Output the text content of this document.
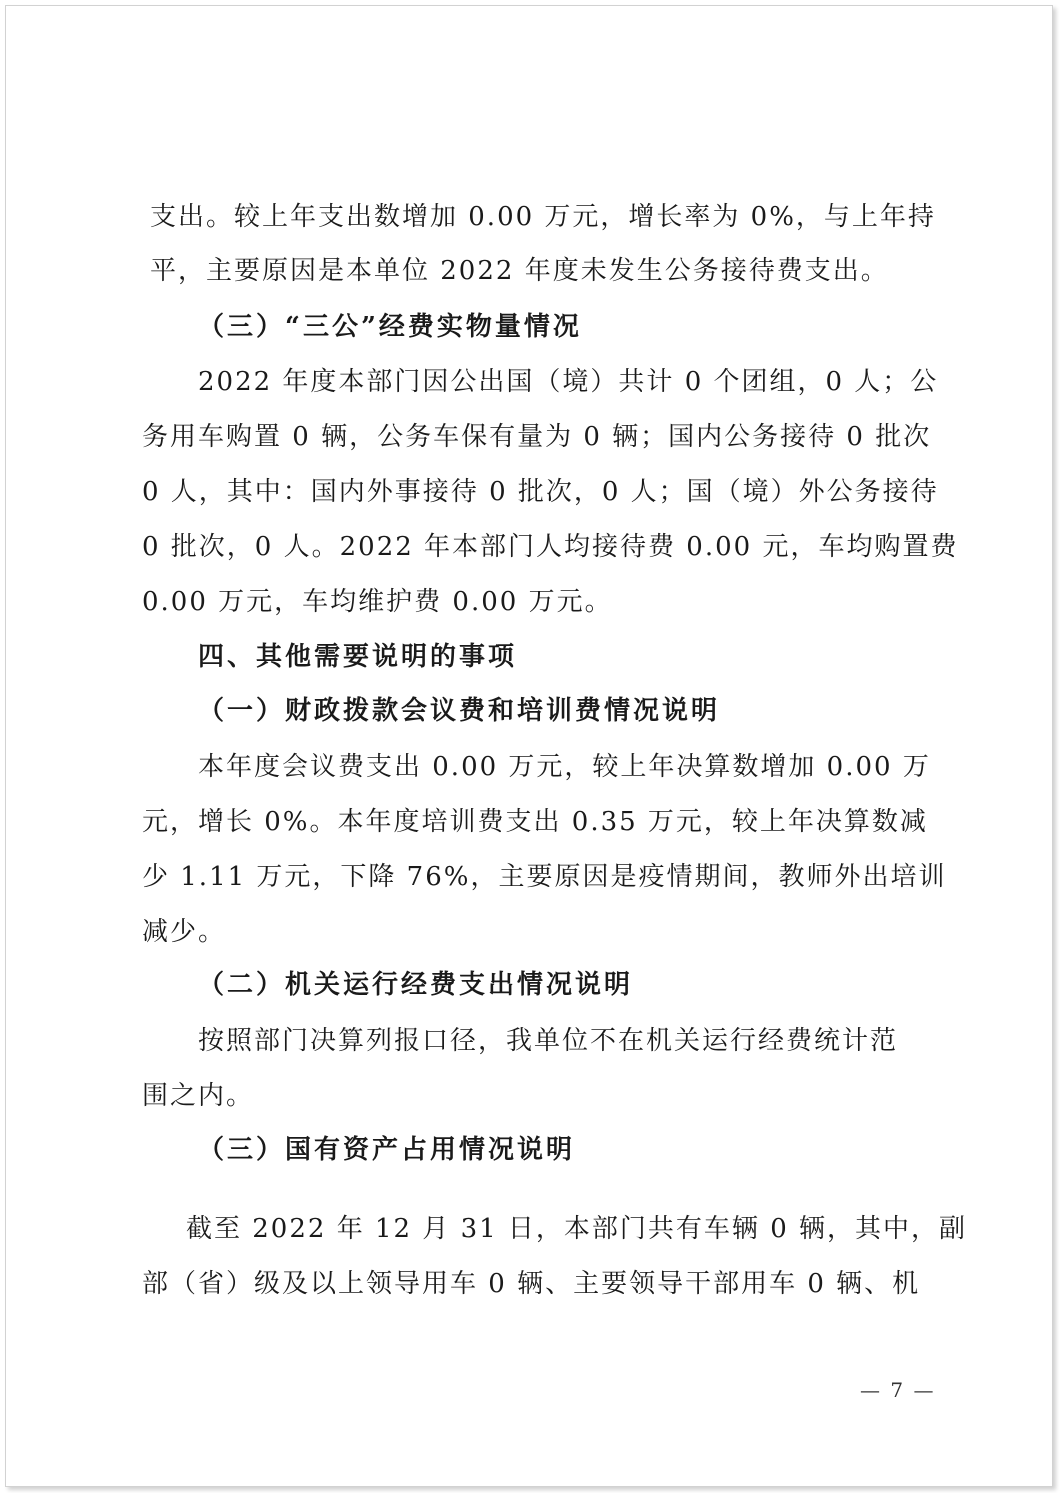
支出。较上年支出数增加 0.00 万元，增长率为 0%，与上年持
平，主要原因是本单位 2022 年度未发生公务接待费支出。
（三）“三公”经费实物量情况
2022 年度本部门因公出国（境）共计 0 个团组，0 人；公
务用车购置 0 辆，公务车保有量为 0 辆；国内公务接待 0 批次
0 人，其中：国内外事接待 0 批次，0 人；国（境）外公务接待
0 批次，0 人。2022 年本部门人均接待费 0.00 元，车均购置费
0.00 万元，车均维护费 0.00 万元。
四、其他需要说明的事项
（一）财政拨款会议费和培训费情况说明
本年度会议费支出 0.00 万元，较上年决算数增加 0.00 万
元，增长 0%。本年度培训费支出 0.35 万元，较上年决算数减
少 1.11 万元，下降 76%，主要原因是疫情期间，教师外出培训
减少。
（二）机关运行经费支出情况说明
按照部门决算列报口径，我单位不在机关运行经费统计范
围之内。
（三）国有资产占用情况说明
截至 2022 年 12 月 31 日，本部门共有车辆 0 辆，其中，副
部（省）级及以上领导用车 0 辆、主要领导干部用车 0 辆、机
— 7 —
